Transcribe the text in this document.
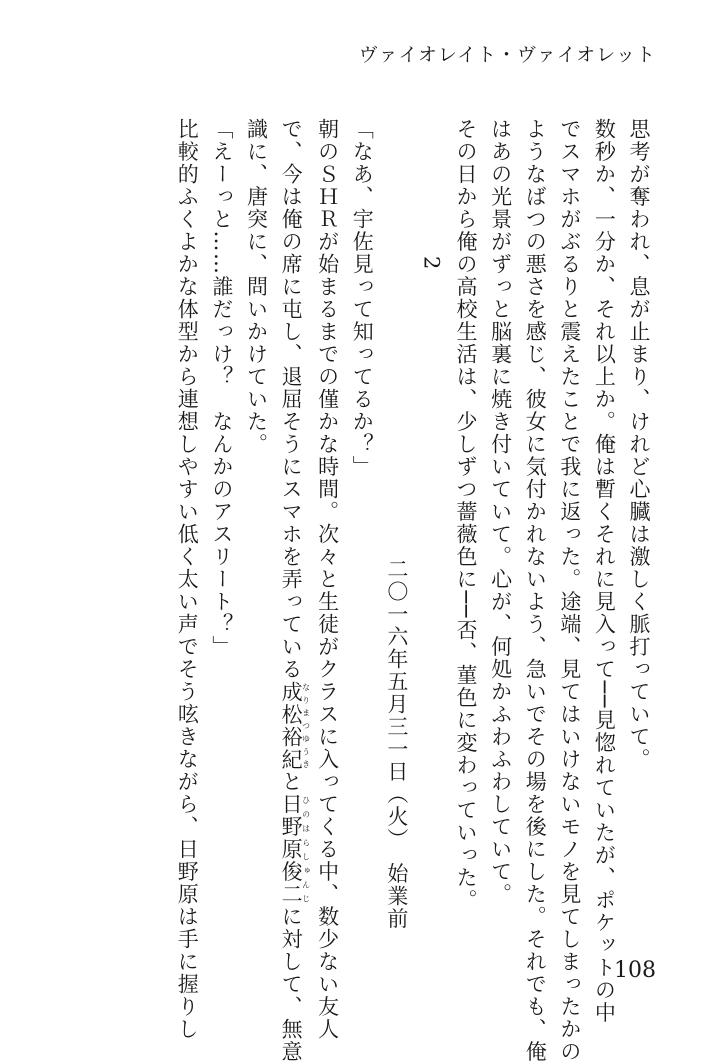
ヴァイオレイト・ヴァイオレット

思考が奪われ、息が止まり、けれど心臓は激しく脈打っていて。

数秒か、一分か、それ以上か。俺は暫くそれに見入って──見惚れていたが、ポケットの中

でスマホがぶるりと震えたことで我に返った。途端、見てはいけないモノを見てしまったかの

ようなばつの悪さを感じ、彼女に気付かれないよう、急いでその場を後にした。それでも、俺

はあの光景がずっと脳裏に焼き付いていて。心が、何処かふわふわしていて。

その日から俺の高校生活は、少しずつ薔薇色に──否、菫色に変わっていった。

2

二〇一六年五月三一日（火）　始業前

「なあ、宇佐見って知ってるか？」

朝のＳＨＲが始まるまでの僅かな時間。次々と生徒がクラスに入ってくる中、数少ない友人

で、今は俺の席に屯し、退屈そうにスマホを弄っている成松裕紀なりまつゆうきと日野原俊二ひのはらしゅんじに対して、無意

識に、唐突に、問いかけていた。

「えーっと……誰だっけ？　なんかのアスリート？」

比較的ふくよかな体型から連想しやすい低く太い声でそう呟きながら、日野原は手に握りし	108
